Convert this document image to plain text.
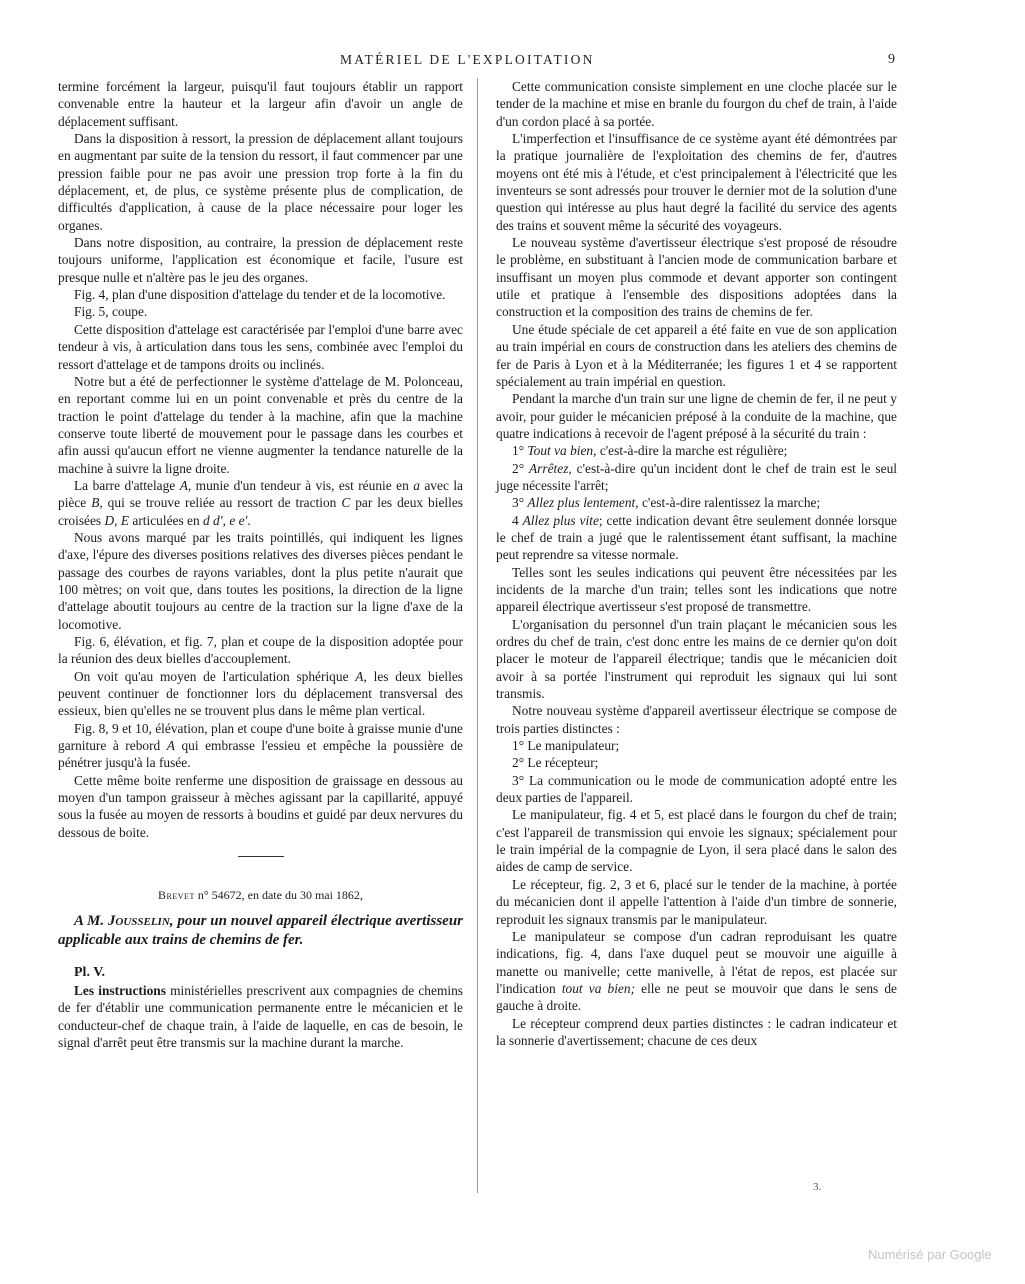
MATÉRIEL DE L'EXPLOITATION	9

termine forcément la largeur, puisqu'il faut toujours établir un rapport convenable entre la hauteur et la largeur afin d'avoir un angle de déplacement suffisant.

Dans la disposition à ressort, la pression de déplacement allant toujours en augmentant par suite de la tension du ressort, il faut commencer par une pression faible pour ne pas avoir une pression trop forte à la fin du déplacement, et, de plus, ce système présente plus de complication, de difficultés d'application, à cause de la place nécessaire pour loger les organes.

Dans notre disposition, au contraire, la pression de déplacement reste toujours uniforme, l'application est économique et facile, l'usure est presque nulle et n'altère pas le jeu des organes.

Fig. 4, plan d'une disposition d'attelage du tender et de la locomotive.

Fig. 5, coupe.

Cette disposition d'attelage est caractérisée par l'emploi d'une barre avec tendeur à vis, à articulation dans tous les sens, combinée avec l'emploi du ressort d'attelage et de tampons droits ou inclinés.

Notre but a été de perfectionner le système d'attelage de M. Polonceau, en reportant comme lui en un point convenable et près du centre de la traction le point d'attelage du tender à la machine, afin que la machine conserve toute liberté de mouvement pour le passage dans les courbes et afin aussi qu'aucun effort ne vienne augmenter la tendance naturelle de la machine à suivre la ligne droite.

La barre d'attelage A, munie d'un tendeur à vis, est réunie en a avec la pièce B, qui se trouve reliée au ressort de traction C par les deux bielles croisées D, E articulées en d d', e e'.

Nous avons marqué par les traits pointillés, qui indiquent les lignes d'axe, l'épure des diverses positions relatives des diverses pièces pendant le passage des courbes de rayons variables, dont la plus petite n'aurait que 100 mètres; on voit que, dans toutes les positions, la direction de la ligne d'attelage aboutit toujours au centre de la traction sur la ligne d'axe de la locomotive.

Fig. 6, élévation, et fig. 7, plan et coupe de la disposition adoptée pour la réunion des deux bielles d'accouplement.

On voit qu'au moyen de l'articulation sphérique A, les deux bielles peuvent continuer de fonctionner lors du déplacement transversal des essieux, bien qu'elles ne se trouvent plus dans le même plan vertical.

Fig. 8, 9 et 10, élévation, plan et coupe d'une boite à graisse munie d'une garniture à rebord A qui embrasse l'essieu et empêche la poussière de pénétrer jusqu'à la fusée.

Cette même boite renferme une disposition de graissage en dessous au moyen d'un tampon graisseur à mèches agissant par la capillarité, appuyé sous la fusée au moyen de ressorts à boudins et guidé par deux nervures du dessous de boite.

Brevet n° 54672, en date du 30 mai 1862,

A M. Jousselin, pour un nouvel appareil électrique avertisseur applicable aux trains de chemins de fer.

Pl. V.

Les instructions ministérielles prescrivent aux compagnies de chemins de fer d'établir une communication permanente entre le mécanicien et le conducteur-chef de chaque train, à l'aide de laquelle, en cas de besoin, le signal d'arrêt peut être transmis sur la machine durant la marche.

Cette communication consiste simplement en une cloche placée sur le tender de la machine et mise en branle du fourgon du chef de train, à l'aide d'un cordon placé à sa portée.

L'imperfection et l'insuffisance de ce système ayant été démontrées par la pratique journalière de l'exploitation des chemins de fer, d'autres moyens ont été mis à l'étude, et c'est principalement à l'électricité que les inventeurs se sont adressés pour trouver le dernier mot de la solution d'une question qui intéresse au plus haut degré la facilité du service des agents des trains et souvent même la sécurité des voyageurs.

Le nouveau système d'avertisseur électrique s'est proposé de résoudre le problème, en substituant à l'ancien mode de communication barbare et insuffisant un moyen plus commode et devant apporter son contingent utile et pratique à l'ensemble des dispositions adoptées dans la construction et la composition des trains de chemins de fer.

Une étude spéciale de cet appareil a été faite en vue de son application au train impérial en cours de construction dans les ateliers des chemins de fer de Paris à Lyon et à la Méditerranée; les figures 1 et 4 se rapportent spécialement au train impérial en question.

Pendant la marche d'un train sur une ligne de chemin de fer, il ne peut y avoir, pour guider le mécanicien préposé à la conduite de la machine, que quatre indications à recevoir de l'agent préposé à la sécurité du train :

1° Tout va bien, c'est-à-dire la marche est régulière;

2° Arrêtez, c'est-à-dire qu'un incident dont le chef de train est le seul juge nécessite l'arrêt;

3° Allez plus lentement, c'est-à-dire ralentissez la marche;

4 Allez plus vite; cette indication devant être seulement donnée lorsque le chef de train a jugé que le ralentissement étant suffisant, la machine peut reprendre sa vitesse normale.

Telles sont les seules indications qui peuvent être nécessitées par les incidents de la marche d'un train; telles sont les indications que notre appareil électrique avertisseur s'est proposé de transmettre.

L'organisation du personnel d'un train plaçant le mécanicien sous les ordres du chef de train, c'est donc entre les mains de ce dernier qu'on doit placer le moteur de l'appareil électrique; tandis que le mécanicien doit avoir à sa portée l'instrument qui reproduit les signaux qui lui sont transmis.

Notre nouveau système d'appareil avertisseur électrique se compose de trois parties distinctes :

1° Le manipulateur;

2° Le récepteur;

3° La communication ou le mode de communication adopté entre les deux parties de l'appareil.

Le manipulateur, fig. 4 et 5, est placé dans le fourgon du chef de train; c'est l'appareil de transmission qui envoie les signaux; spécialement pour le train impérial de la compagnie de Lyon, il sera placé dans le salon des aides de camp de service.

Le récepteur, fig. 2, 3 et 6, placé sur le tender de la machine, à portée du mécanicien dont il appelle l'attention à l'aide d'un timbre de sonnerie, reproduit les signaux transmis par le manipulateur.

Le manipulateur se compose d'un cadran reproduisant les quatre indications, fig. 4, dans l'axe duquel peut se mouvoir une aiguille à manette ou manivelle; cette manivelle, à l'état de repos, est placée sur l'indication tout va bien; elle ne peut se mouvoir que dans le sens de gauche à droite.

Le récepteur comprend deux parties distinctes : le cadran indicateur et la sonnerie d'avertissement; chacune de ces deux

3.
Numérisé par Google
